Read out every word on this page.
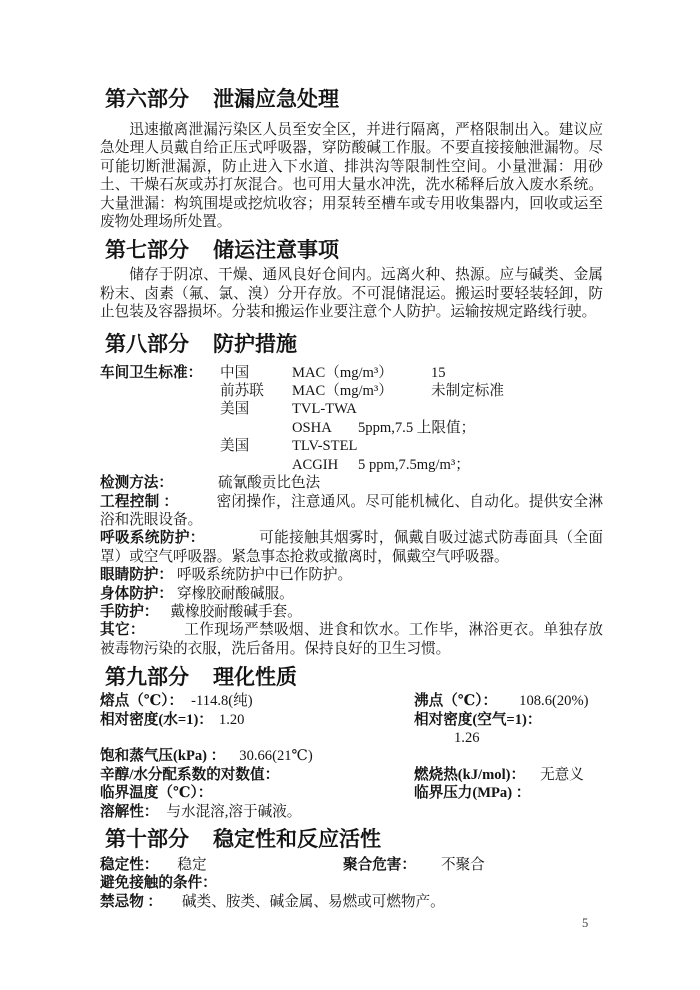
第六部分 泄漏应急处理

迅速撤离泄漏污染区人员至安全区，并进行隔离，严格限制出入。建议应急处理人员戴自给正压式呼吸器，穿防酸碱工作服。不要直接接触泄漏物。尽可能切断泄漏源，防止进入下水道、排洪沟等限制性空间。小量泄漏：用砂土、干燥石灰或苏打灰混合。也可用大量水冲洗，洗水稀释后放入废水系统。大量泄漏：构筑围堤或挖炕收容；用泵转至槽车或专用收集器内，回收或运至废物处理场所处置。

第七部分 储运注意事项

储存于阴凉、干燥、通风良好仓间内。远离火种、热源。应与碱类、金属粉末、卤素（氟、氯、溴）分开存放。不可混储混运。搬运时要轻装轻卸，防止包装及容器损坏。分装和搬运作业要注意个人防护。运输按规定路线行驶。

第八部分 防护措施
车间卫生标准： 中国	MAC（mg/m³）	15
前苏联	MAC（mg/m³）	未制定标准
美国	TVL-TWA
OSHA	5ppm,7.5 上限值；
美国	TLV-STEL
ACGIH	5 ppm,7.5mg/m³；

检测方法：	硫氰酸贡比色法

工程控制 ：	密闭操作，注意通风。尽可能机械化、自动化。提供安全淋浴和洗眼设备。

呼吸系统防护：	可能接触其烟雾时，佩戴自吸过滤式防毒面具（全面罩）或空气呼吸器。紧急事态抢救或撤离时，佩戴空气呼吸器。

眼睛防护： 呼吸系统防护中已作防护。

身体防护： 穿橡胶耐酸碱服。

手防护： 戴橡胶耐酸碱手套。

其它：	工作现场严禁吸烟、进食和饮水。工作毕，淋浴更衣。单独存放被毒物污染的衣服，洗后备用。保持良好的卫生习惯。

第九部分 理化性质
熔点（℃）： -114.8(纯)	沸点（℃）： 108.6(20%)
相对密度(水=1)： 1.20	相对密度(空气=1)：1.26
饱和蒸气压(kPa) ： 30.66(21℃)
辛醇/水分配系数的对数值：	燃烧热(kJ/mol)： 无意义
临界温度（℃）：	临界压力(MPa) ：
溶解性： 与水混溶,溶于碱液。
第十部分 稳定性和反应活性
稳定性： 稳定	聚合危害： 不聚合
避免接触的条件：
禁忌物 ： 碱类、胺类、碱金属、易燃或可燃物产。
5
